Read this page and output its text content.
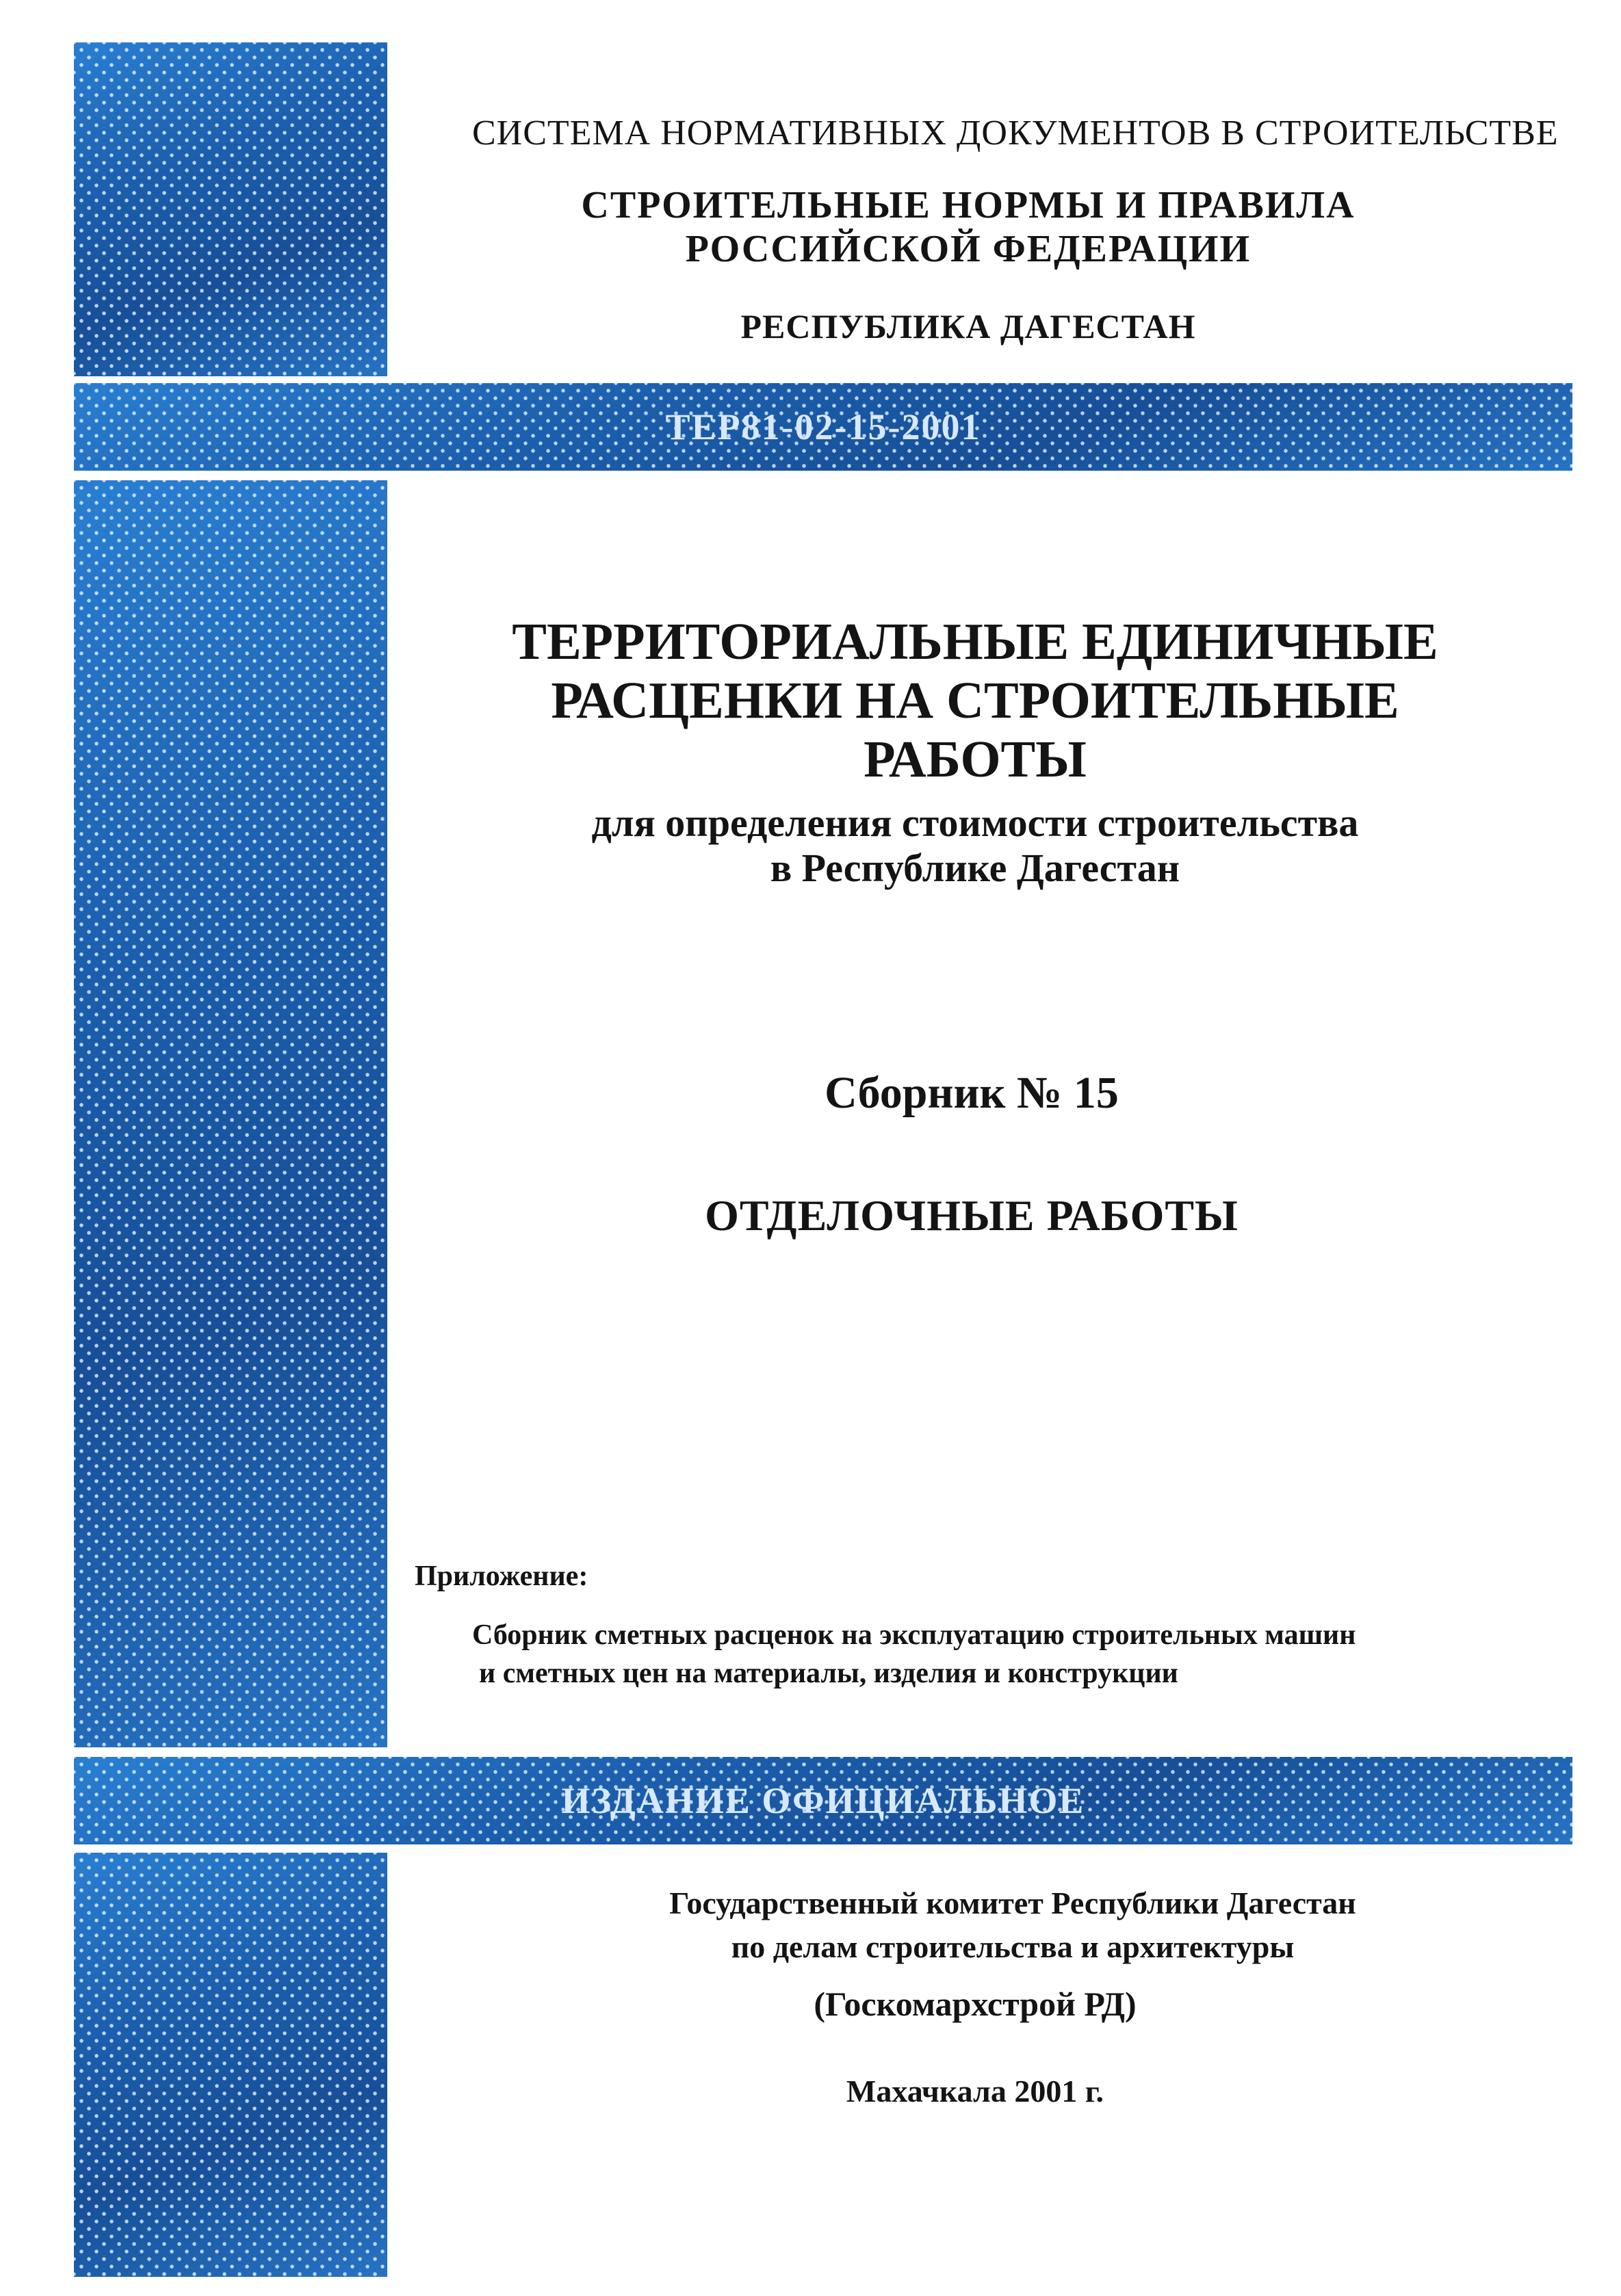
ТЕР81-02-15-2001
ИЗДАНИЕ ОФИЦИАЛЬНОЕ
СИСТЕМА НОРМАТИВНЫХ ДОКУМЕНТОВ В СТРОИТЕЛЬСТВЕ
СТРОИТЕЛЬНЫЕ НОРМЫ И ПРАВИЛА
РОССИЙСКОЙ ФЕДЕРАЦИИ
РЕСПУБЛИКА ДАГЕСТАН
ТЕРРИТОРИАЛЬНЫЕ ЕДИНИЧНЫЕ
РАСЦЕНКИ НА СТРОИТЕЛЬНЫЕ
РАБОТЫ
для определения стоимости строительства
в Республике Дагестан
Сборник № 15
ОТДЕЛОЧНЫЕ РАБОТЫ
Приложение:
Сборник сметных расценок на эксплуатацию строительных машин
и сметных цен на материалы, изделия и конструкции
Государственный комитет Республики Дагестан
по делам строительства и архитектуры
(Госкомархстрой РД)
Махачкала 2001 г.
